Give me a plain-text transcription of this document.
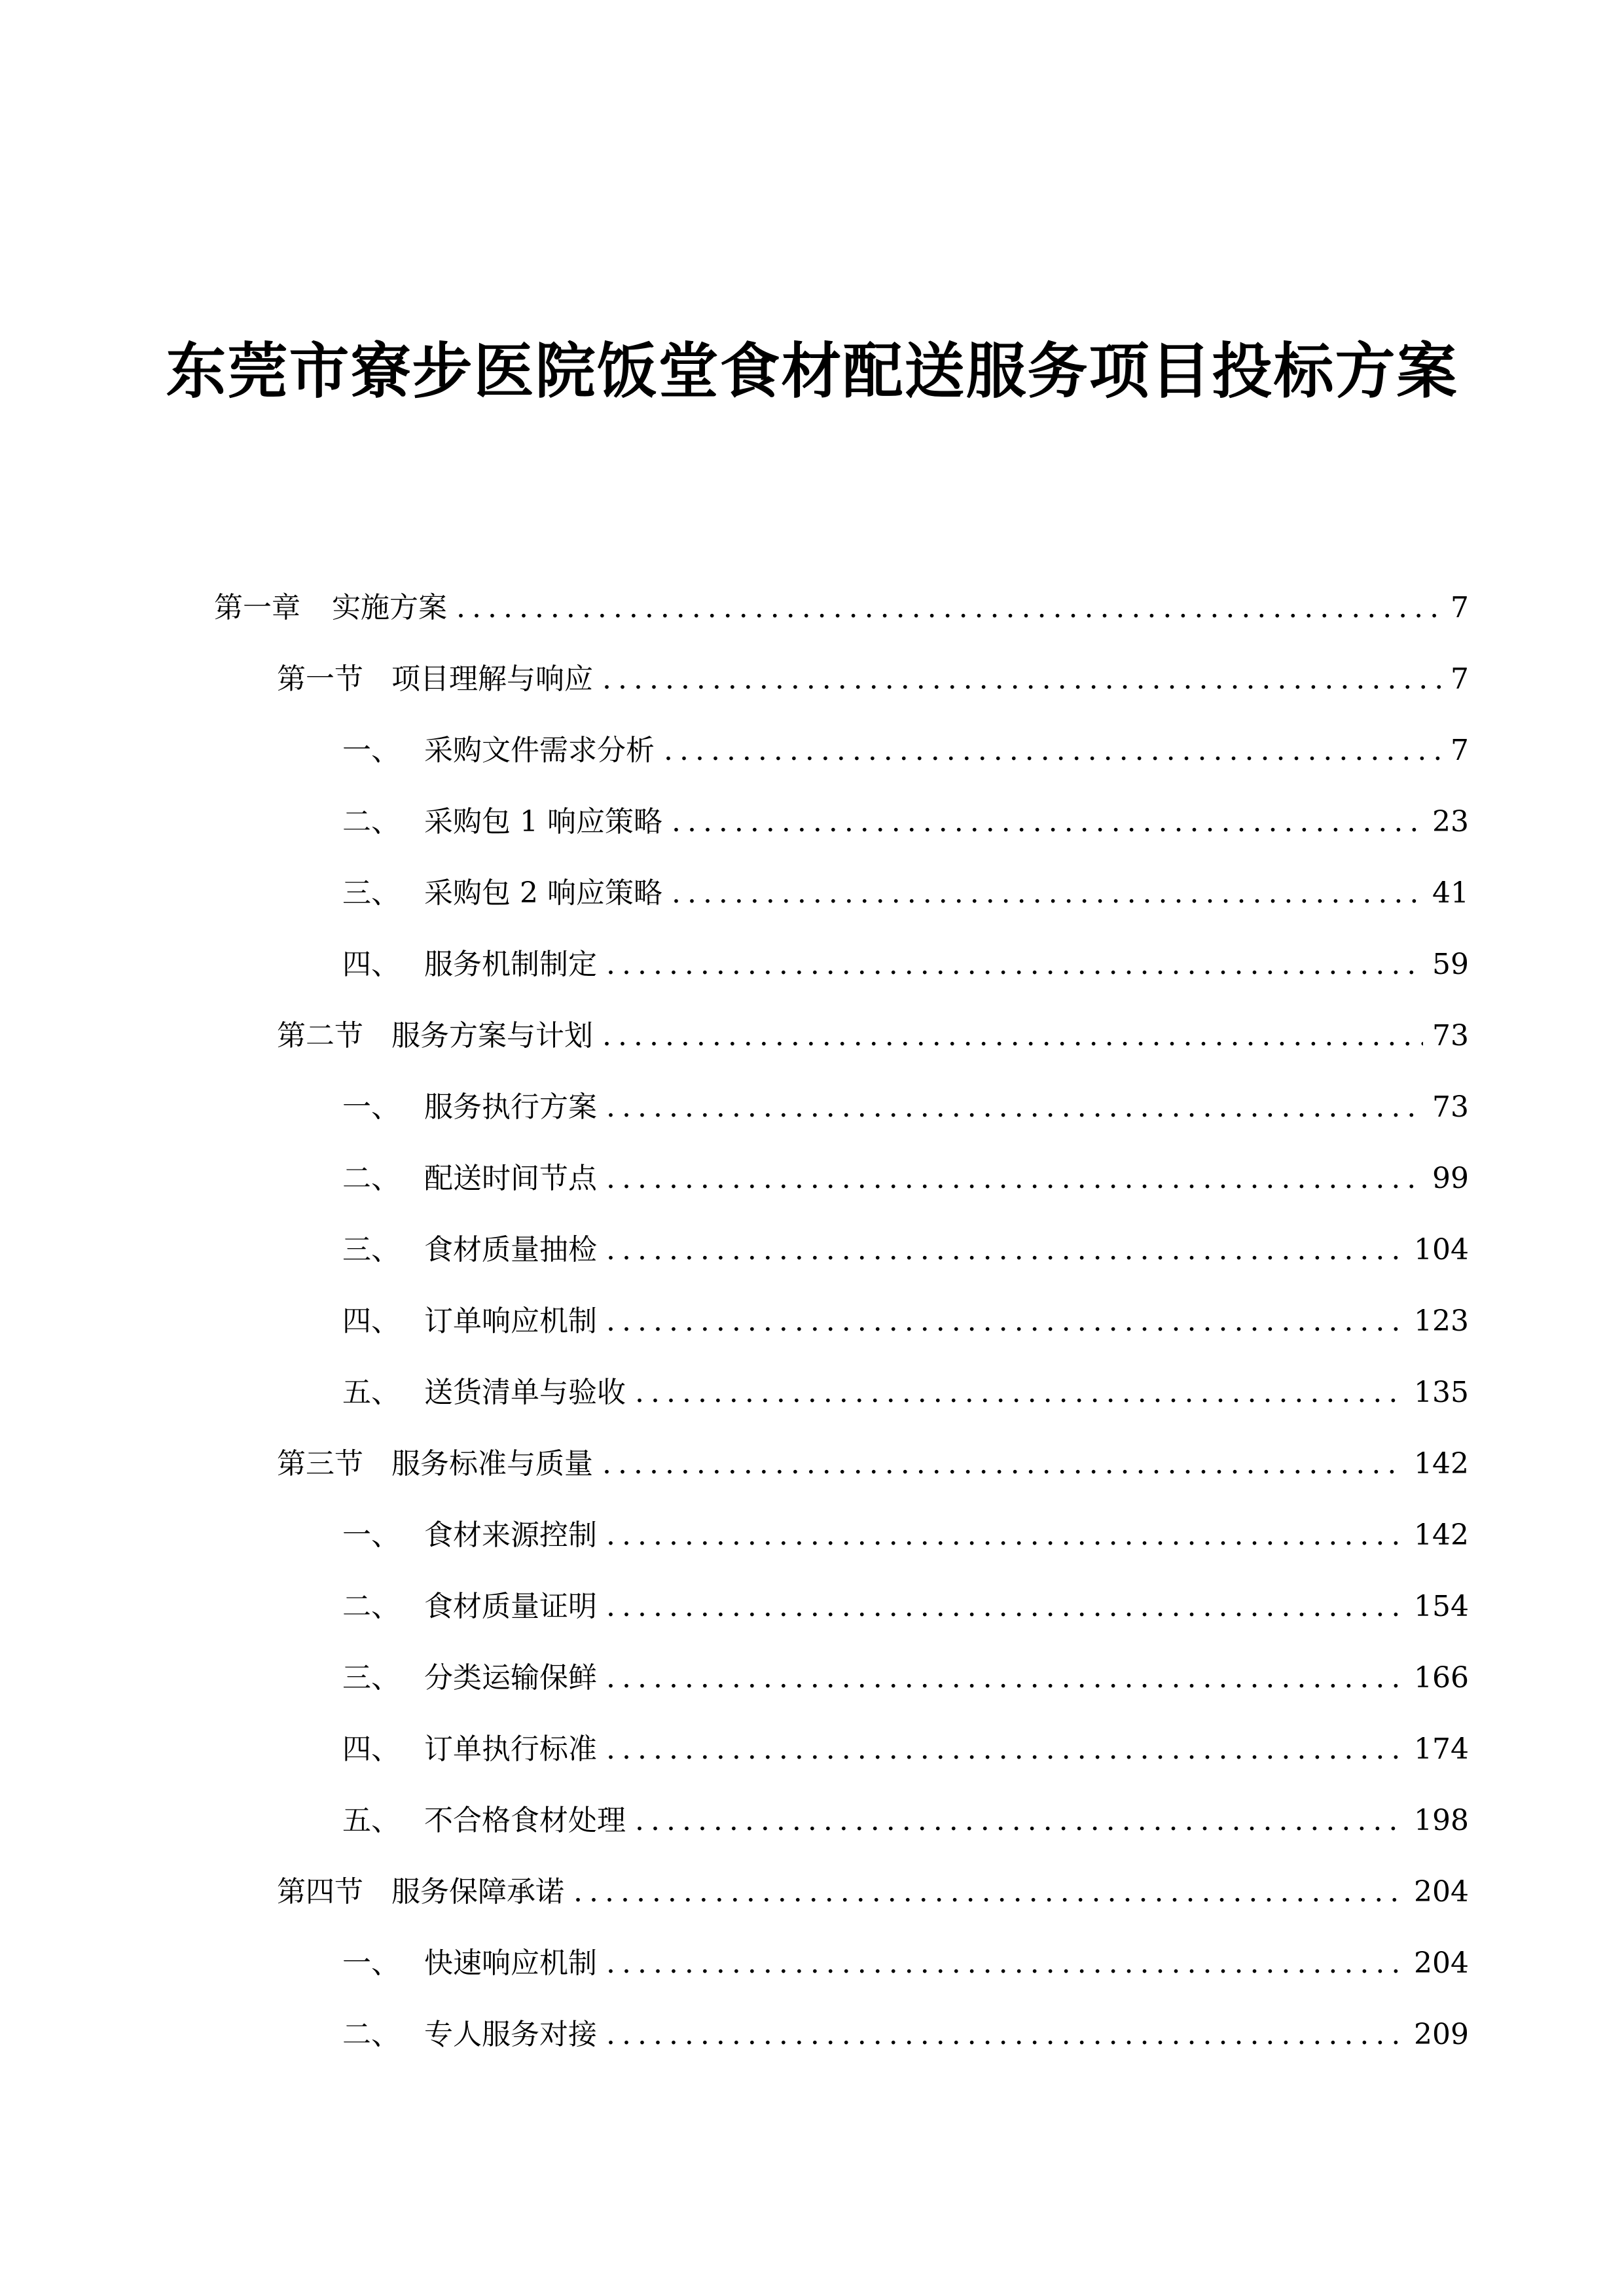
东莞市寮步医院饭堂食材配送服务项目投标方案
第一章	实施方案 .....	7
第一节 项目理解与响应 .....	7
一、 采购文件需求分析 .....	7
二、 采购包 1 响应策略 .....	23
三、 采购包 2 响应策略 .....	41
四、 服务机制制定 .....	59
第二节 服务方案与计划 .....	73
一、 服务执行方案 .....	73
二、 配送时间节点 .....	99
三、 食材质量抽检 .....	104
四、 订单响应机制 .....	123
五、 送货清单与验收 .....	135
第三节 服务标准与质量 .....	142
一、 食材来源控制 .....	142
二、 食材质量证明 .....	154
三、 分类运输保鲜 .....	166
四、 订单执行标准 .....	174
五、 不合格食材处理 .....	198
第四节 服务保障承诺 .....	204
一、 快速响应机制 .....	204
二、 专人服务对接 .....	209
